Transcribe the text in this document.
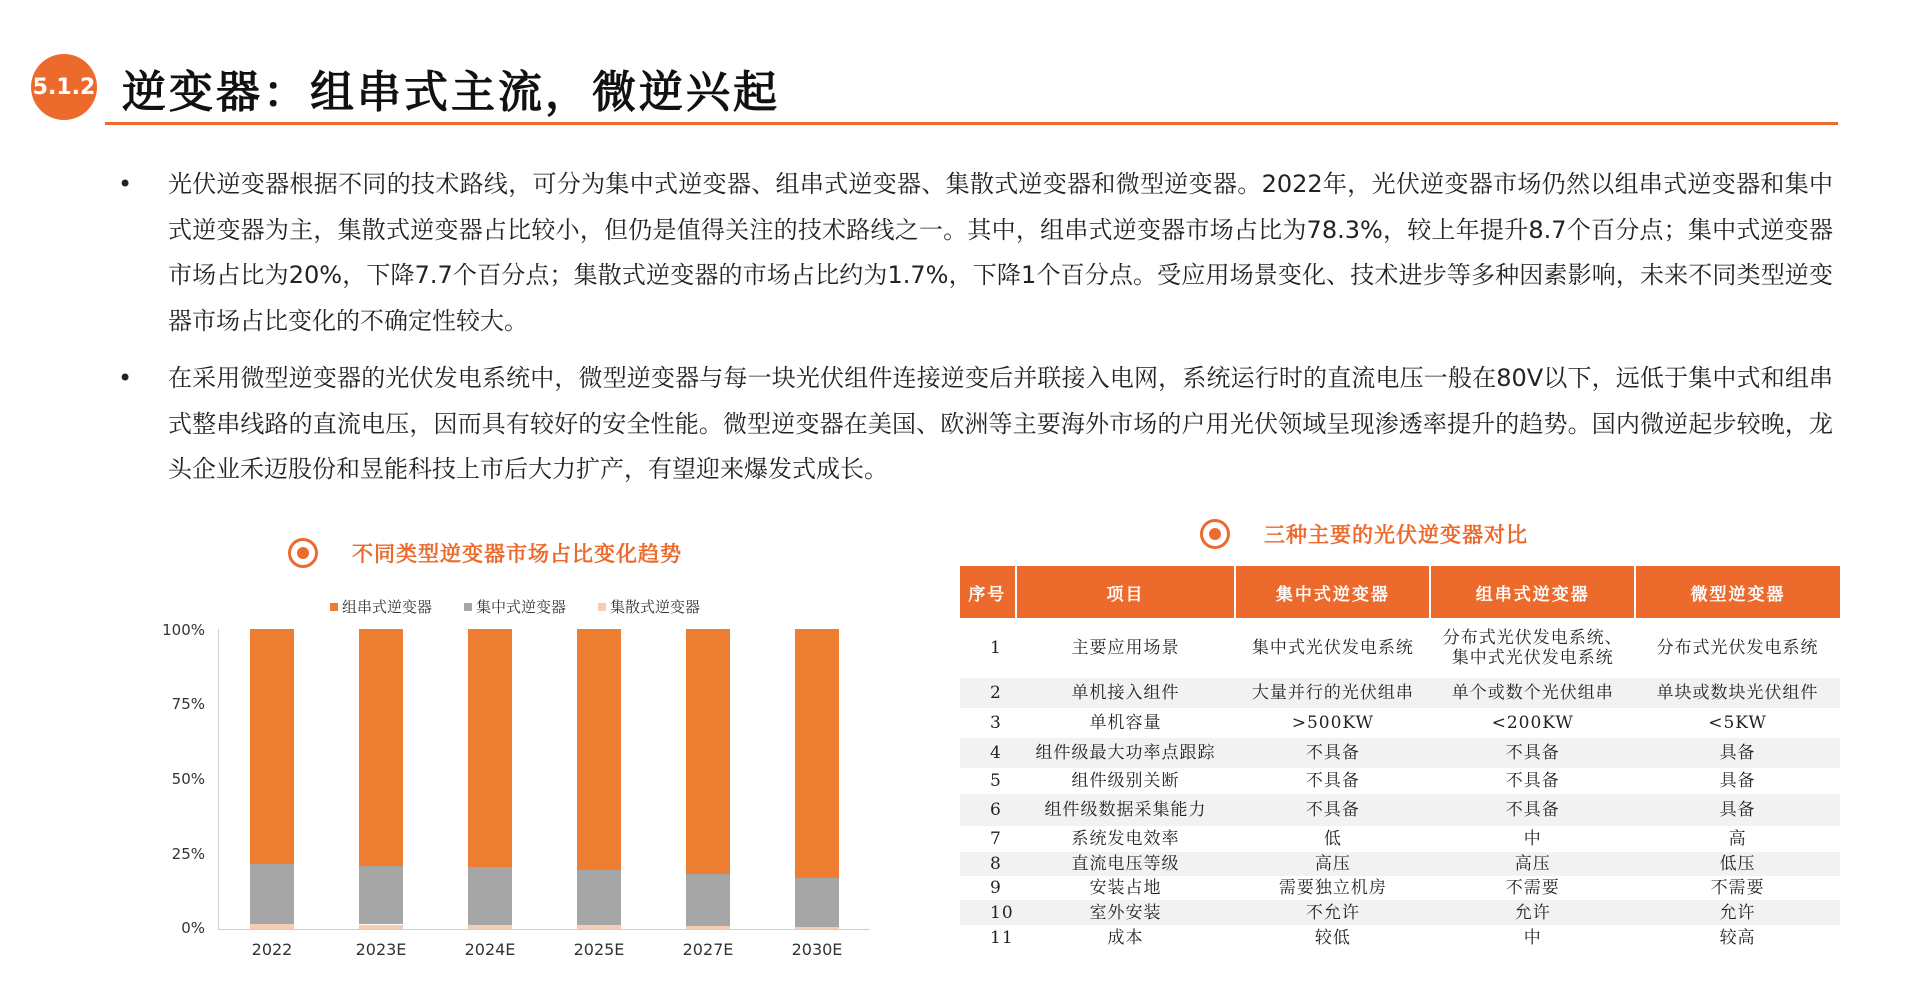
5.1.2 逆变器：组串式主流，微逆兴起
• 光伏逆变器根据不同的技术路线，可分为集中式逆变器、组串式逆变器、集散式逆变器和微型逆变器。2022年，光伏逆变器市场仍然以组串式逆变器和集中式逆变器为主，集散式逆变器占比较小，但仍是值得关注的技术路线之一。其中，组串式逆变器市场占比为78.3%，较上年提升8.7个百分点；集中式逆变器市场占比为20%，下降7.7个百分点；集散式逆变器的市场占比约为1.7%，下降1个百分点。受应用场景变化、技术进步等多种因素影响，未来不同类型逆变器市场占比变化的不确定性较大。
• 在采用微型逆变器的光伏发电系统中，微型逆变器与每一块光伏组件连接逆变后并联接入电网，系统运行时的直流电压一般在80V以下，远低于集中式和组串式整串线路的直流电压，因而具有较好的安全性能。微型逆变器在美国、欧洲等主要海外市场的户用光伏领域呈现渗透率提升的趋势。国内微逆起步较晚，龙头企业禾迈股份和昱能科技上市后大力扩产，有望迎来爆发式成长。
不同类型逆变器市场占比变化趋势
组串式逆变器	集中式逆变器	集散式逆变器
0%
25%
50%
75%
100%
2022	2023E	2024E	2025E	2027E	2030E
三种主要的光伏逆变器对比
序号	项目	集中式逆变器	组串式逆变器	微型逆变器
1	主要应用场景	集中式光伏发电系统	分布式光伏发电系统、
集中式光伏发电系统	分布式光伏发电系统
2	单机接入组件	大量并行的光伏组串	单个或数个光伏组串	单块或数块光伏组件
3	单机容量	>500KW	<200KW	<5KW
4	组件级最大功率点跟踪	不具备	不具备	具备
5	组件级别关断	不具备	不具备	具备
6	组件级数据采集能力	不具备	不具备	具备
7	系统发电效率	低	中	高
8	直流电压等级	高压	高压	低压
9	安装占地	需要独立机房	不需要	不需要
10	室外安装	不允许	允许	允许
11	成本	较低	中	较高
